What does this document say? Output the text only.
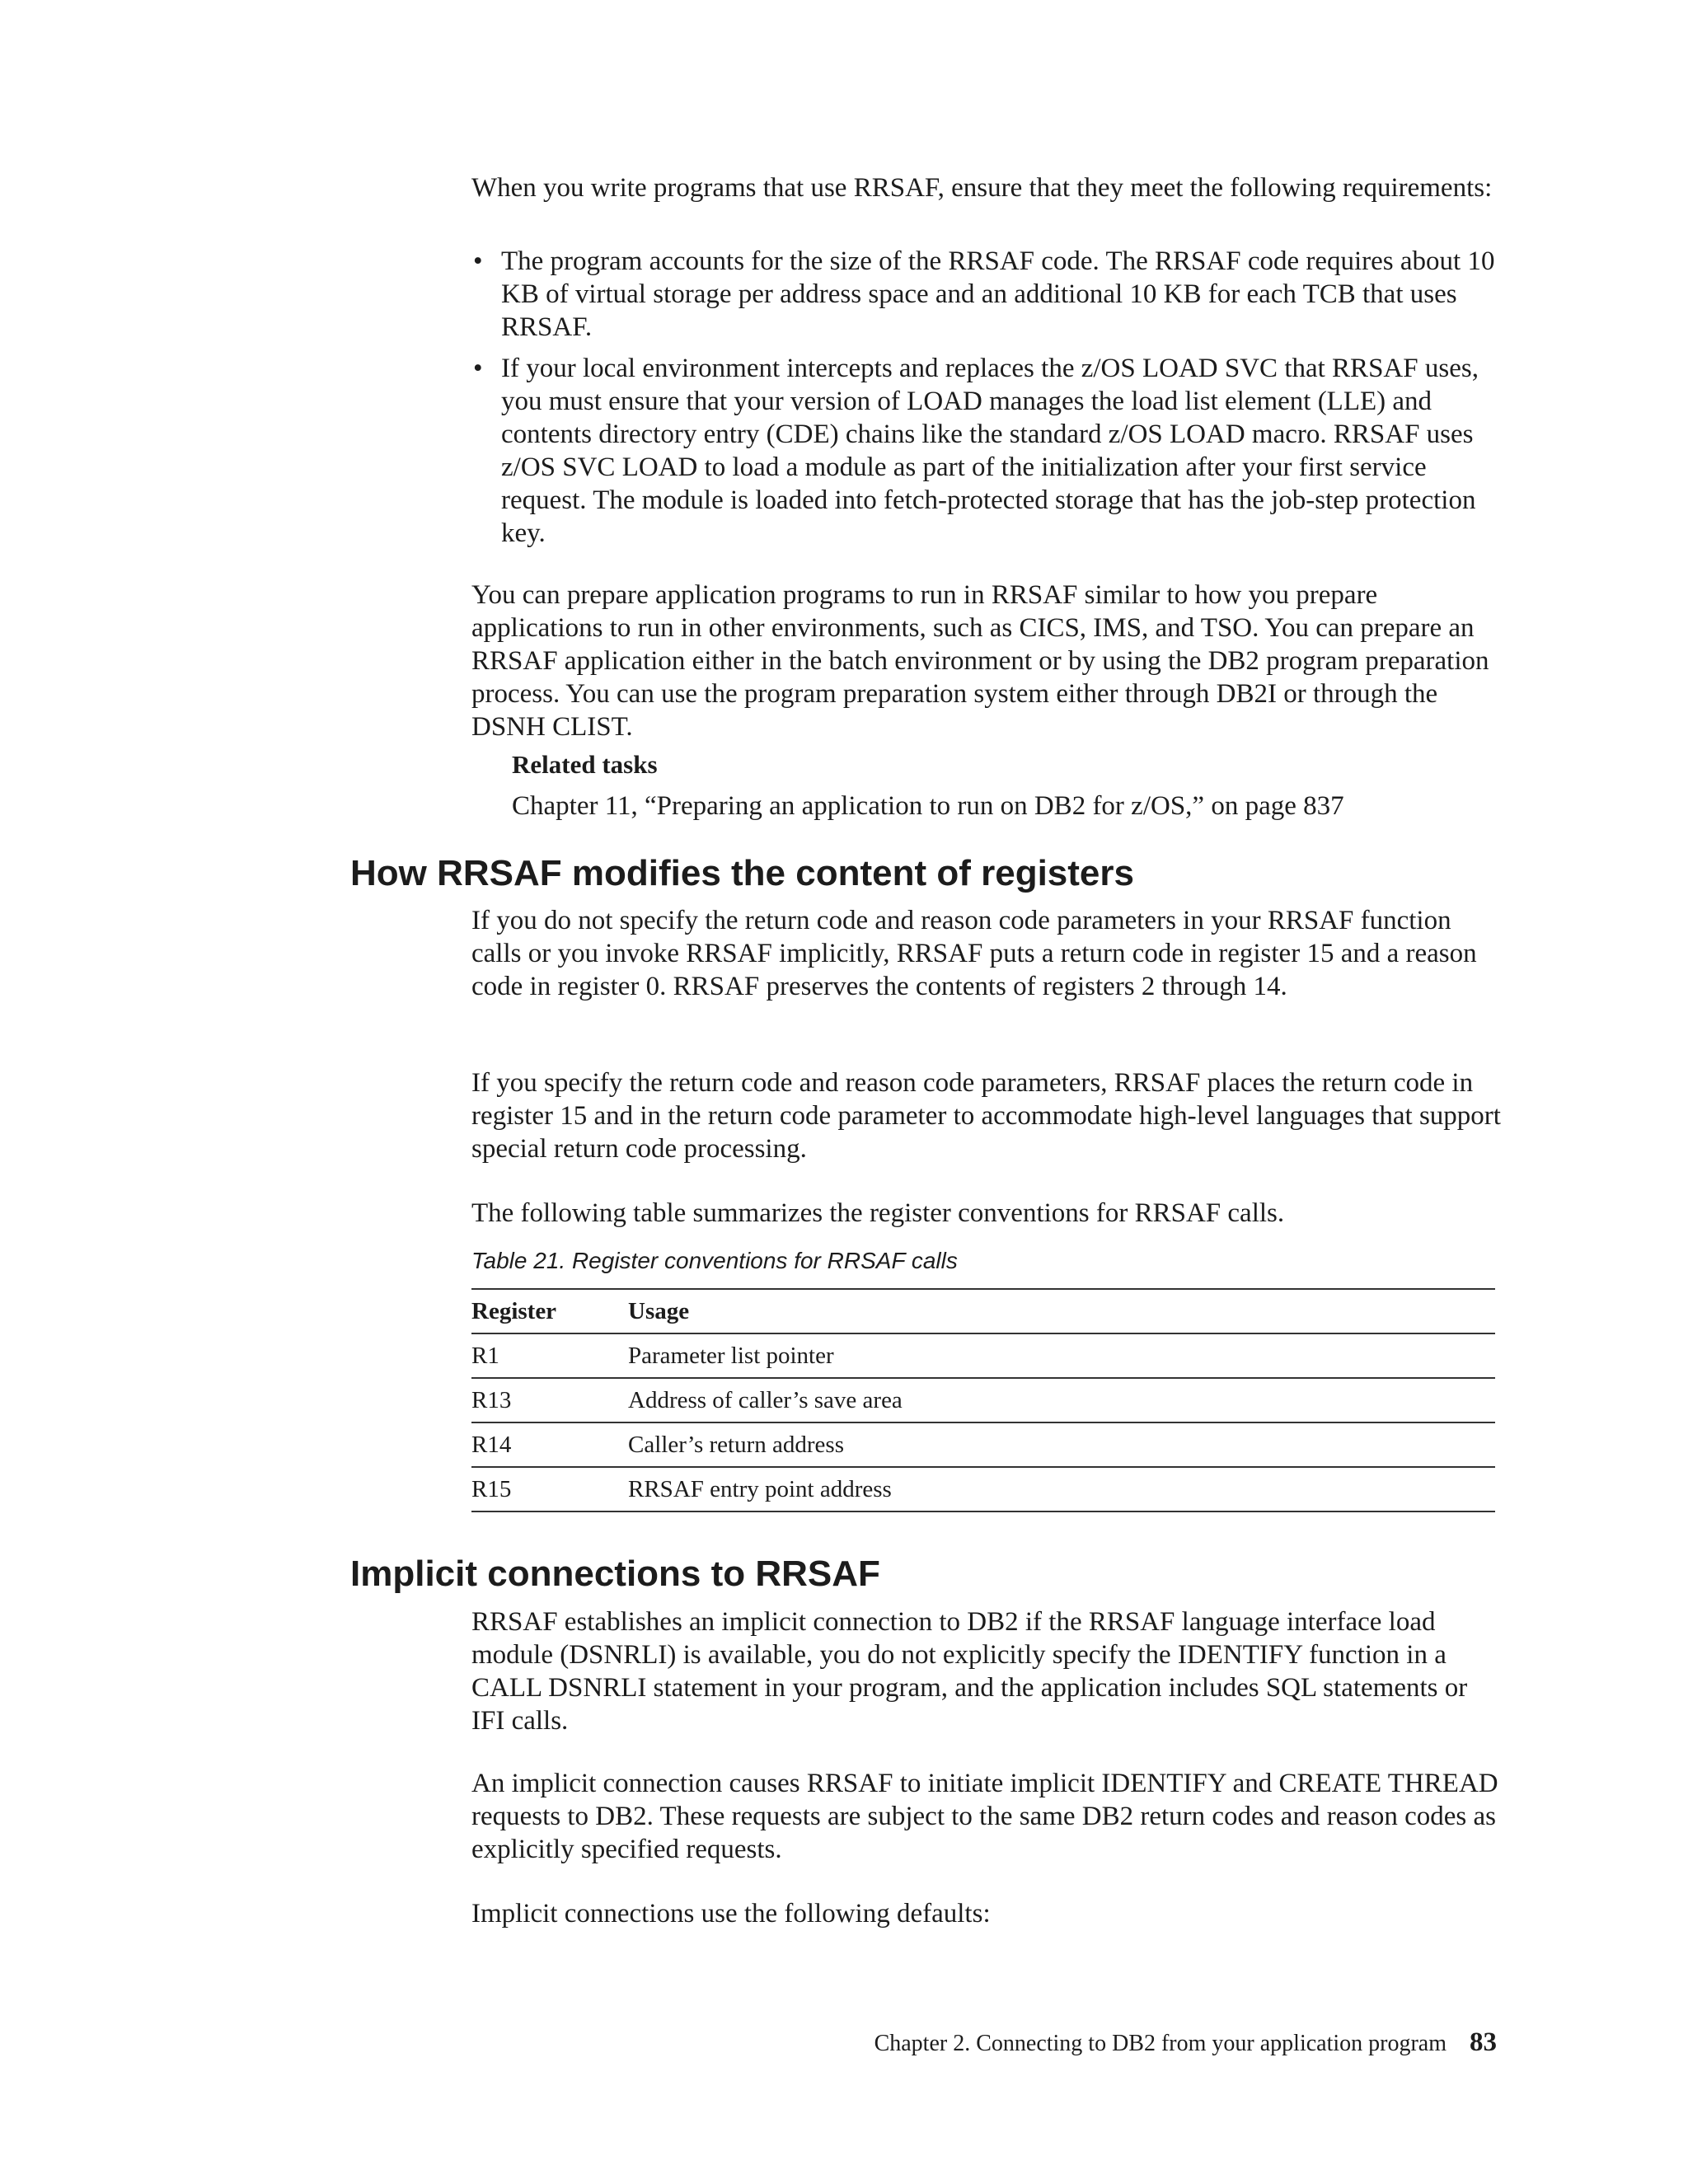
When you write programs that use RRSAF, ensure that they meet the following requirements:

• The program accounts for the size of the RRSAF code. The RRSAF code requires about 10 KB of virtual storage per address space and an additional 10 KB for each TCB that uses RRSAF.
• If your local environment intercepts and replaces the z/OS LOAD SVC that RRSAF uses, you must ensure that your version of LOAD manages the load list element (LLE) and contents directory entry (CDE) chains like the standard z/OS LOAD macro. RRSAF uses z/OS SVC LOAD to load a module as part of the initialization after your first service request. The module is loaded into fetch-protected storage that has the job-step protection key.

You can prepare application programs to run in RRSAF similar to how you prepare applications to run in other environments, such as CICS, IMS, and TSO. You can prepare an RRSAF application either in the batch environment or by using the DB2 program preparation process. You can use the program preparation system either through DB2I or through the DSNH CLIST.

Related tasks
Chapter 11, “Preparing an application to run on DB2 for z/OS,” on page 837
How RRSAF modifies the content of registers

If you do not specify the return code and reason code parameters in your RRSAF function calls or you invoke RRSAF implicitly, RRSAF puts a return code in register 15 and a reason code in register 0. RRSAF preserves the contents of registers 2 through 14.

If you specify the return code and reason code parameters, RRSAF places the return code in register 15 and in the return code parameter to accommodate high-level languages that support special return code processing.

The following table summarizes the register conventions for RRSAF calls.

Table 21. Register conventions for RRSAF calls
Register	Usage
R1	Parameter list pointer
R13	Address of caller’s save area
R14	Caller’s return address
R15	RRSAF entry point address
Implicit connections to RRSAF

RRSAF establishes an implicit connection to DB2 if the RRSAF language interface load module (DSNRLI) is available, you do not explicitly specify the IDENTIFY function in a CALL DSNRLI statement in your program, and the application includes SQL statements or IFI calls.

An implicit connection causes RRSAF to initiate implicit IDENTIFY and CREATE THREAD requests to DB2. These requests are subject to the same DB2 return codes and reason codes as explicitly specified requests.

Implicit connections use the following defaults:

Chapter 2. Connecting to DB2 from your application program 83
